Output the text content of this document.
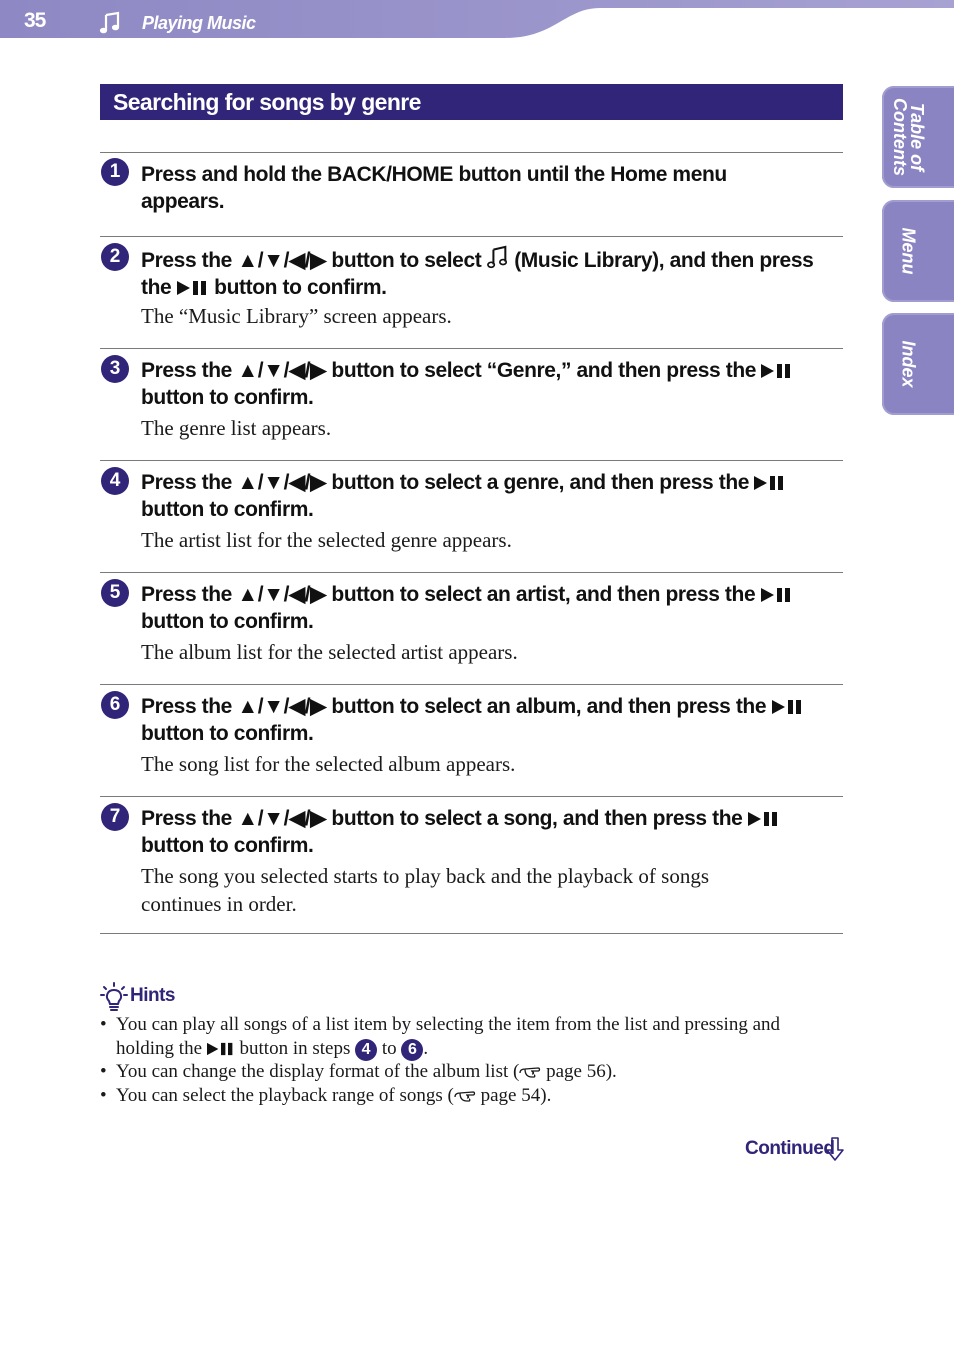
35	Playing Music
Table of
Contents
Menu
Index
Searching for songs by genre
1 Press and hold the BACK/HOME button until the Home menu appears.
2 Press the ▲/▼/◀/▶ button to select  (Music Library), and then press the  button to confirm.
The “Music Library” screen appears.
3 Press the ▲/▼/◀/▶ button to select “Genre,” and then press the  button to confirm.
The genre list appears.
4 Press the ▲/▼/◀/▶ button to select a genre, and then press the  button to confirm.
The artist list for the selected genre appears.
5 Press the ▲/▼/◀/▶ button to select an artist, and then press the  button to confirm.
The album list for the selected artist appears.
6 Press the ▲/▼/◀/▶ button to select an album, and then press the  button to confirm.
The song list for the selected album appears.
7 Press the ▲/▼/◀/▶ button to select a song, and then press the  button to confirm.
The song you selected starts to play back and the playback of songs continues in order.
Hints
• You can play all songs of a list item by selecting the item from the list and pressing and holding the  button in steps 4 to 6 .
• You can change the display format of the album list ( page 56).
• You can select the playback range of songs ( page 54).
Continued
